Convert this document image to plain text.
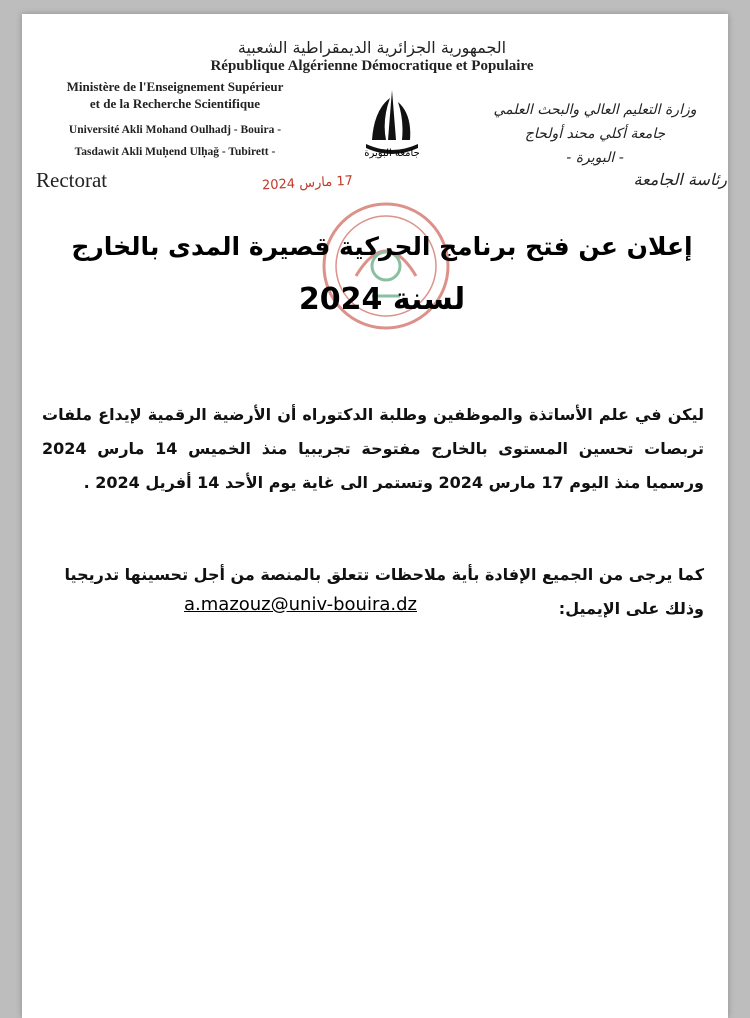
الجمهورية الجزائرية الديمقراطية الشعبية
République Algérienne Démocratique et Populaire
Ministère de l'Enseignement Supérieur
et de la Recherche Scientifique
Université Akli Mohand Oulhadj - Bouira -
Tasdawit Akli Muḥend Ulḥağ - Tubirett -
Rectorat
وزارة التعليم العالي والبحث العلمي
جامعة أكلي محند أولحاج
- البويرة -
رئاسة الجامعة
جامعة البويرة
17 مارس 2024
إعلان عن فتح برنامج الحركية قصيرة المدى بالخارج
لسنة 2024
ليكن في علم الأساتذة والموظفين وطلبة الدكتوراه أن الأرضية الرقمية لإيداع ملفات تربصات تحسين المستوى بالخارج مفتوحة تجريبيا منذ الخميس 14 مارس 2024 ورسميا منذ اليوم 17 مارس 2024 وتستمر الى غاية يوم الأحد 14 أفريل 2024 .
كما يرجى من الجميع الإفادة بأية ملاحظات تتعلق بالمنصة من أجل تحسينها تدريجيا وذلك على الإيميل:
a.mazouz@univ-bouira.dz
